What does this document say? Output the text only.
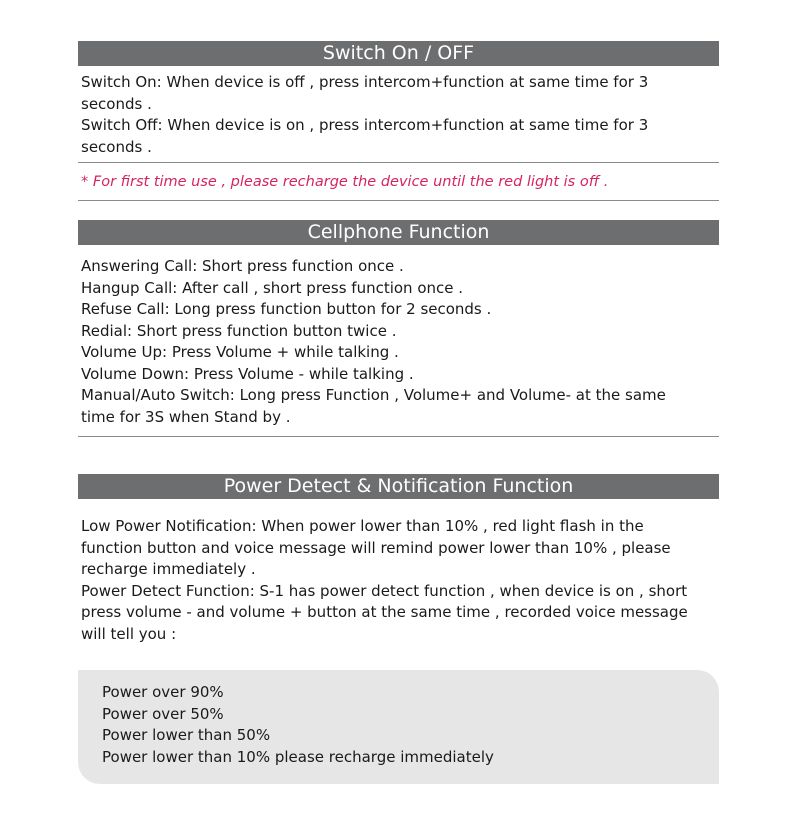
Switch On / OFF
Switch On: When device is off , press intercom+function at same time for 3
seconds .
Switch Off: When device is on , press intercom+function at same time for 3
seconds .
* For first time use , please recharge the device until the red light is off .
Cellphone Function
Answering Call: Short press function once .
Hangup Call: After call , short press function once .
Refuse Call: Long press function button for 2 seconds .
Redial: Short press function button twice .
Volume Up: Press Volume + while talking .
Volume Down: Press Volume - while talking .
Manual/Auto Switch: Long press Function , Volume+ and Volume- at the same
time for 3S when Stand by .
Power Detect & Notification Function
Low Power Notification: When power lower than 10% , red light flash in the
function button and voice message will remind power lower than 10% , please
recharge immediately .
Power Detect Function: S-1 has power detect function , when device is on , short
press volume - and volume + button at the same time , recorded voice message
will tell you :
Power over 90%
Power over 50%
Power lower than 50%
Power lower than 10% please recharge immediately
